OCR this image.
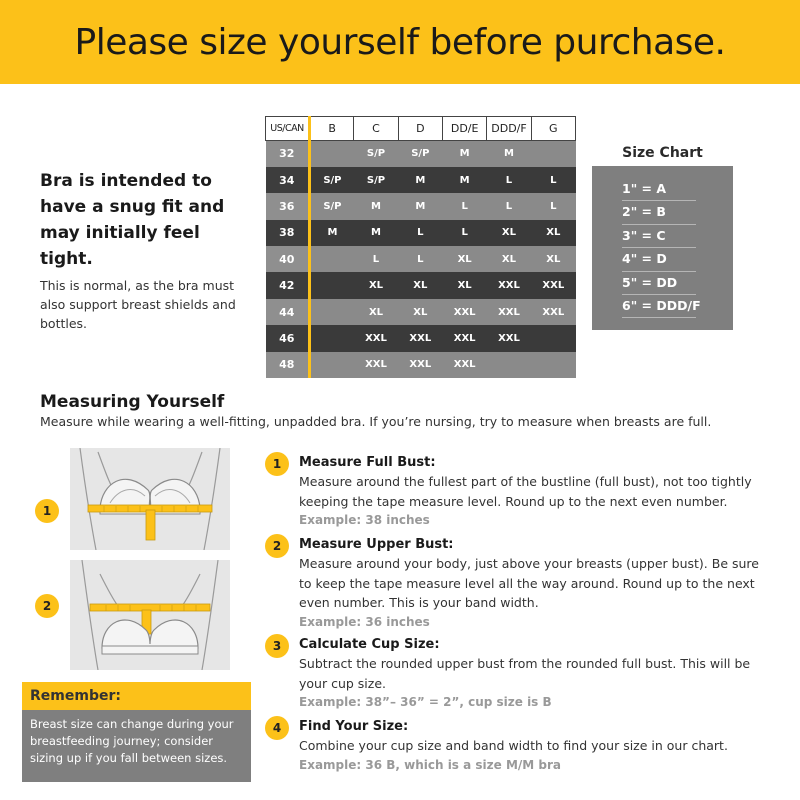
Please size yourself before purchase.
Bra is intended to have a snug fit and may initially feel tight.

This is normal, as the bra must also support breast shields and bottles.

US/CAN	B	C	D	DD/E	DDD/F	G
32		S/P	S/P	M	M	
34	S/P	S/P	M	M	L	L
36	S/P	M	M	L	L	L
38	M	M	L	L	XL	XL
40		L	L	XL	XL	XL
42		XL	XL	XL	XXL	XXL
44		XL	XL	XXL	XXL	XXL
46		XXL	XXL	XXL	XXL	
48		XXL	XXL	XXL		
Size Chart
1" = A
2" = B
3" = C
4" = D
5" = DD
6" = DDD/F
Measuring Yourself
Measure while wearing a well-fitting, unpadded bra. If you’re nursing, try to measure when breasts are full.
1
2
Remember:
Breast size can change during your breastfeeding journey; consider sizing up if you fall between sizes.
1	Measure Full Bust:
Measure around the fullest part of the bustline (full bust), not too tightly keeping the tape measure level. Round up to the next even number.
Example: 38 inches
2	Measure Upper Bust:
Measure around your body, just above your breasts (upper bust). Be sure to keep the tape measure level all the way around. Round up to the next even number. This is your band width.
Example: 36 inches
3	Calculate Cup Size:
Subtract the rounded upper bust from the rounded full bust. This will be your cup size.
Example: 38”– 36” = 2”, cup size is B
4	Find Your Size:
Combine your cup size and band width to find your size in our chart.
Example: 36 B, which is a size M/M bra
